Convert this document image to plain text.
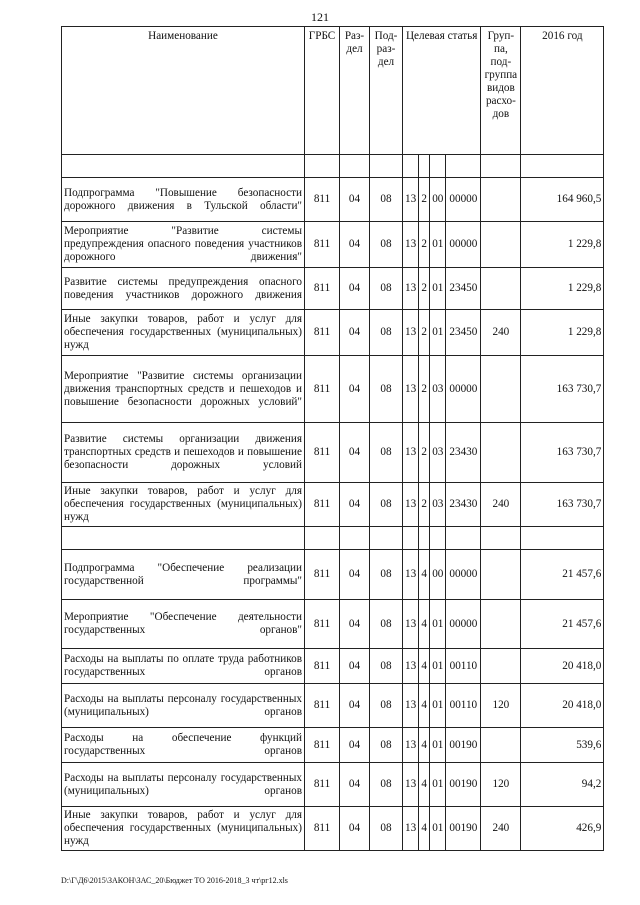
121
Наименование	ГРБС	Раз-дел	Под-раз-дел	Целевая статья				Груп-па, под-группа видов расхо-дов	2016 год

Подпрограмма "Повышение безопасности дорожного движения в Тульской области"	811	04	08	13	2	00	00000		164 960,5
Мероприятие "Развитие системы предупреждения опасного поведения участников дорожного движения"	811	04	08	13	2	01	00000		1 229,8
Развитие системы предупреждения опасного поведения участников дорожного движения	811	04	08	13	2	01	23450		1 229,8
Иные закупки товаров, работ и услуг для обеспечения государственных (муниципальных) нужд	811	04	08	13	2	01	23450	240	1 229,8
Мероприятие "Развитие системы организации движения транспортных средств и пешеходов и повышение безопасности дорожных условий"	811	04	08	13	2	03	00000		163 730,7
Развитие системы организации движения транспортных средств и пешеходов и повышение безопасности дорожных условий	811	04	08	13	2	03	23430		163 730,7
Иные закупки товаров, работ и услуг для обеспечения государственных (муниципальных) нужд	811	04	08	13	2	03	23430	240	163 730,7

Подпрограмма "Обеспечение реализации государственной программы"	811	04	08	13	4	00	00000		21 457,6
Мероприятие "Обеспечение деятельности государственных органов"	811	04	08	13	4	01	00000		21 457,6
Расходы на выплаты по оплате труда работников государственных органов	811	04	08	13	4	01	00110		20 418,0
Расходы на выплаты персоналу государственных (муниципальных) органов	811	04	08	13	4	01	00110	120	20 418,0
Расходы на обеспечение функций государственных органов	811	04	08	13	4	01	00190		539,6
Расходы на выплаты персоналу государственных (муниципальных) органов	811	04	08	13	4	01	00190	120	94,2
Иные закупки товаров, работ и услуг для обеспечения государственных (муниципальных) нужд	811	04	08	13	4	01	00190	240	426,9
D:\Г\Д6\2015\ЗАКОН\ЗАС_20\Бюджет ТО 2016-2018_3 чт\рг12.xls
